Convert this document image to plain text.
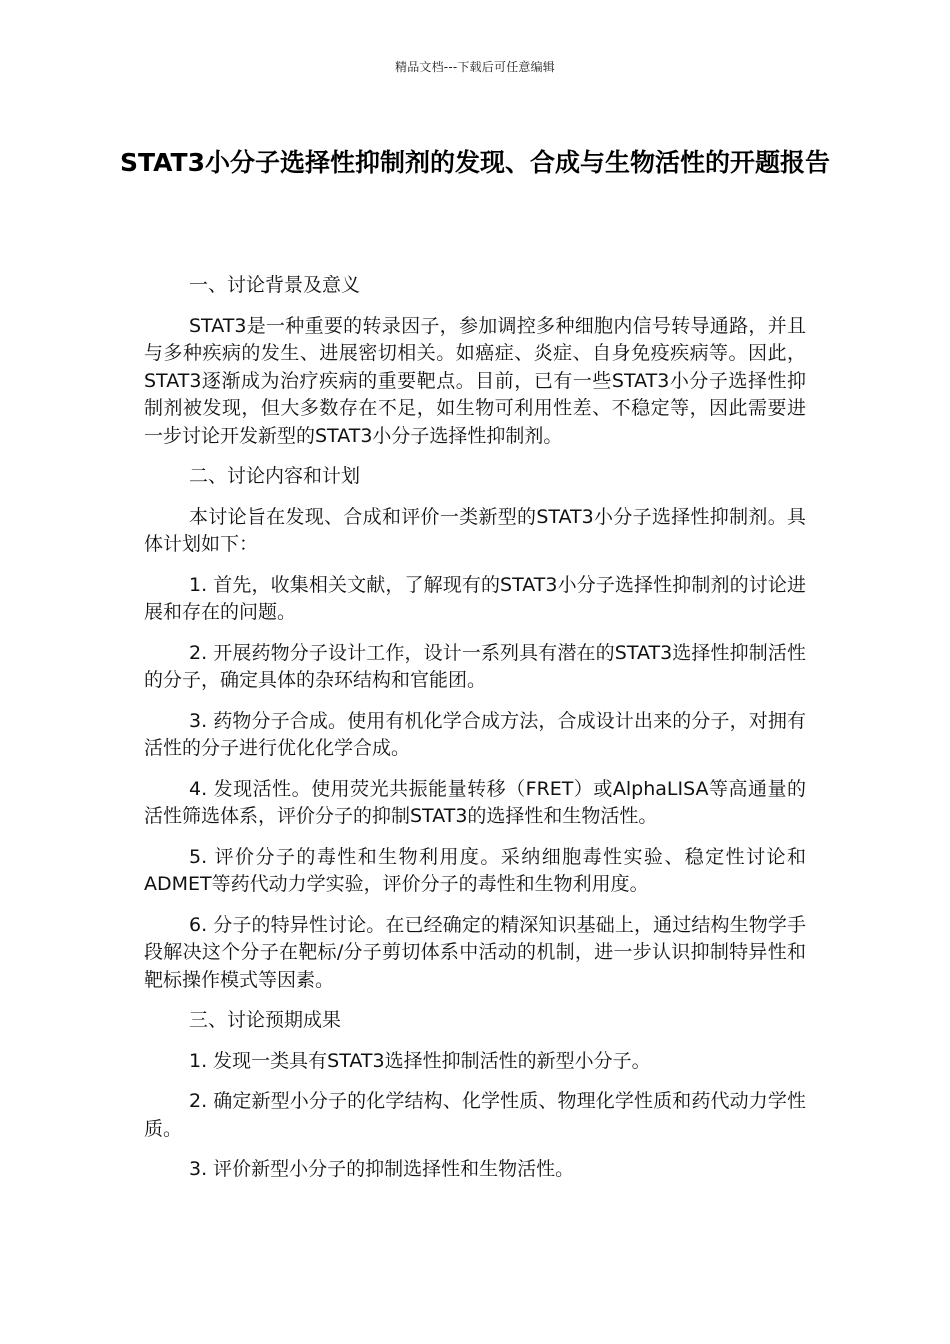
精品文档---下载后可任意编辑
STAT3小分子选择性抑制剂的发现、合成与生物活性的开题报告

一、讨论背景及意义

STAT3是一种重要的转录因子，参加调控多种细胞内信号转导通路，并且与多种疾病的发生、进展密切相关。如癌症、炎症、自身免疫疾病等。因此，STAT3逐渐成为治疗疾病的重要靶点。目前，已有一些STAT3小分子选择性抑制剂被发现，但大多数存在不足，如生物可利用性差、不稳定等，因此需要进一步讨论开发新型的STAT3小分子选择性抑制剂。

二、讨论内容和计划

本讨论旨在发现、合成和评价一类新型的STAT3小分子选择性抑制剂。具体计划如下：

1. 首先，收集相关文献，了解现有的STAT3小分子选择性抑制剂的讨论进展和存在的问题。

2. 开展药物分子设计工作，设计一系列具有潜在的STAT3选择性抑制活性的分子，确定具体的杂环结构和官能团。

3. 药物分子合成。使用有机化学合成方法，合成设计出来的分子，对拥有活性的分子进行优化化学合成。

4. 发现活性。使用荧光共振能量转移（FRET）或AlphaLISA等高通量的活性筛选体系，评价分子的抑制STAT3的选择性和生物活性。

5. 评价分子的毒性和生物利用度。采纳细胞毒性实验、稳定性讨论和ADMET等药代动力学实验，评价分子的毒性和生物利用度。

6. 分子的特异性讨论。在已经确定的精深知识基础上，通过结构生物学手段解决这个分子在靶标/分子剪切体系中活动的机制，进一步认识抑制特异性和靶标操作模式等因素。

三、讨论预期成果

1. 发现一类具有STAT3选择性抑制活性的新型小分子。

2. 确定新型小分子的化学结构、化学性质、物理化学性质和药代动力学性质。

3. 评价新型小分子的抑制选择性和生物活性。
